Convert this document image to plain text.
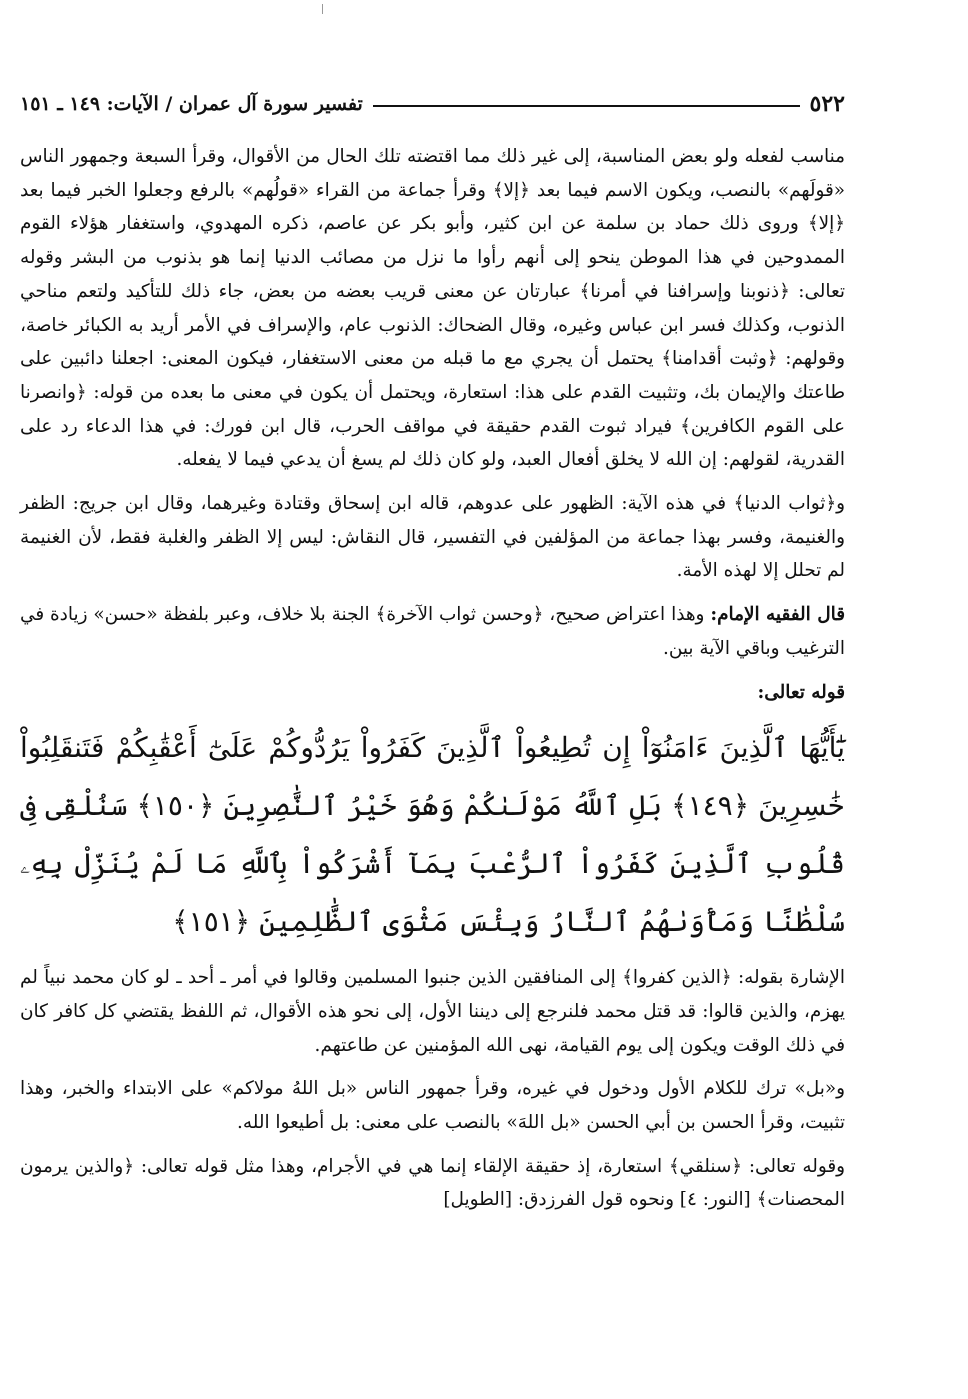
٥٢٢
تفسير سورة آل عمران / الآيات: ١٤٩ ـ ١٥١

مناسب لفعله ولو بعض المناسبة، إلى غير ذلك مما اقتضته تلك الحال من الأقوال، وقرأ السبعة وجمهور الناس «قولَهم» بالنصب، ويكون الاسم فيما بعد ﴿إلا﴾ وقرأ جماعة من القراء «قولُهم» بالرفع وجعلوا الخبر فيما بعد ﴿إلا﴾ وروى ذلك حماد بن سلمة عن ابن كثير، وأبو بكر عن عاصم، ذكره المهدوي، واستغفار هؤلاء القوم الممدوحين في هذا الموطن ينحو إلى أنهم رأوا ما نزل من مصائب الدنيا إنما هو بذنوب من البشر وقوله تعالى: ﴿ذنوبنا وإسرافنا في أمرنا﴾ عبارتان عن معنى قريب بعضه من بعض، جاء ذلك للتأكيد ولتعم مناحي الذنوب، وكذلك فسر ابن عباس وغيره، وقال الضحاك: الذنوب عام، والإسراف في الأمر أريد به الكبائر خاصة، وقولهم: ﴿وثبت أقدامنا﴾ يحتمل أن يجري مع ما قبله من معنى الاستغفار، فيكون المعنى: اجعلنا دائبين على طاعتك والإيمان بك، وتثبيت القدم على هذا: استعارة، ويحتمل أن يكون في معنى ما بعده من قوله: ﴿وانصرنا على القوم الكافرين﴾ فيراد ثبوت القدم حقيقة في مواقف الحرب، قال ابن فورك: في هذا الدعاء رد على القدرية، لقولهم: إن الله لا يخلق أفعال العبد، ولو كان ذلك لم يسغ أن يدعي فيما لا يفعله.

و﴿ثواب الدنيا﴾ في هذه الآية: الظهور على عدوهم، قاله ابن إسحاق وقتادة وغيرهما، وقال ابن جريج: الظفر والغنيمة، وفسر بهذا جماعة من المؤلفين في التفسير، قال النقاش: ليس إلا الظفر والغلبة فقط، لأن الغنيمة لم تحلل إلا لهذه الأمة.

قال الفقيه الإمام: وهذا اعتراض صحيح، ﴿وحسن ثواب الآخرة﴾ الجنة بلا خلاف، وعبر بلفظة «حسن» زيادة في الترغيب وباقي الآية بين.

قوله تعالى:
يَٰٓأَيُّهَا ٱلَّذِينَ ءَامَنُوٓاْ إِن تُطِيعُواْ ٱلَّذِينَ كَفَرُواْ يَرُدُّوكُمْ عَلَىٰٓ أَعْقَٰبِكُمْ فَتَنقَلِبُواْ خَٰسِرِينَ ﴿١٤٩﴾ بَلِ ٱللَّهُ مَوْلَىٰكُمْ وَهُوَ خَيْرُ ٱلنَّٰصِرِينَ ﴿١٥٠﴾ سَنُلْقِى فِى قُلُوبِ ٱلَّذِينَ كَفَرُواْ ٱلرُّعْبَ بِمَآ أَشْرَكُواْ بِٱللَّهِ مَا لَمْ يُنَزِّلْ بِهِۦ سُلْطَٰنًا وَمَأْوَىٰهُمُ ٱلنَّارُ وَبِئْسَ مَثْوَى ٱلظَّٰلِمِينَ ﴿١٥١﴾

الإشارة بقوله: ﴿الذين كفروا﴾ إلى المنافقين الذين جنبوا المسلمين وقالوا في أمر ـ أحد ـ لو كان محمد نبياً لم يهزم، والذين قالوا: قد قتل محمد فلنرجع إلى ديننا الأول، إلى نحو هذه الأقوال، ثم اللفظ يقتضي كل كافر كان في ذلك الوقت ويكون إلى يوم القيامة، نهى الله المؤمنين عن طاعتهم.

و«بل» ترك للكلام الأول ودخول في غيره، وقرأ جمهور الناس «بل اللهُ مولاكم» على الابتداء والخبر، وهذا تثبيت، وقرأ الحسن بن أبي الحسن «بل اللهَ» بالنصب على معنى: بل أطيعوا الله.

وقوله تعالى: ﴿سنلقي﴾ استعارة، إذ حقيقة الإلقاء إنما هي في الأجرام، وهذا مثل قوله تعالى: ﴿والذين يرمون المحصنات﴾ [النور: ٤] ونحوه قول الفرزدق: [الطويل]
